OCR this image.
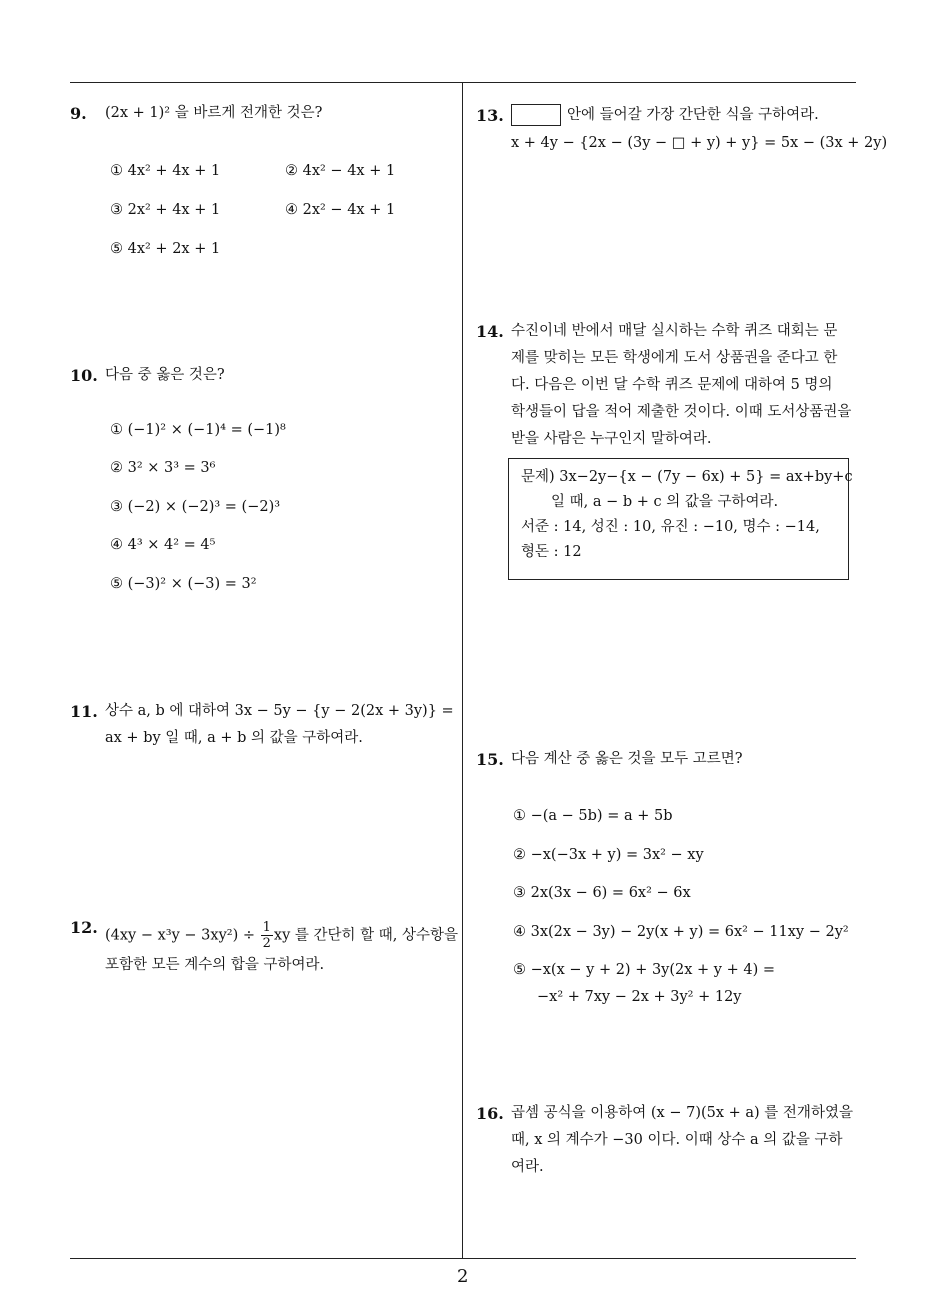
9. (2x + 1)² 을 바르게 전개한 것은?
① 4x² + 4x + 1	② 4x² − 4x + 1
③ 2x² + 4x + 1	④ 2x² − 4x + 1
⑤ 4x² + 2x + 1
10. 다음 중 옳은 것은?
① (−1)² × (−1)⁴ = (−1)⁸
② 3² × 3³ = 3⁶
③ (−2) × (−2)³ = (−2)³
④ 4³ × 4² = 4⁵
⑤ (−3)² × (−3) = 3²
11. 상수 a, b 에 대하여 3x − 5y − {y − 2(2x + 3y)} =
ax + by 일 때, a + b 의 값을 구하여라.
12. $(4xy - x^3y - 3xy^2) \div \frac{1}{2}$ xy 를 간단히 할 때, 상수항을
포함한 모든 계수의 합을 구하여라.
13.	안에 들어갈 가장 간단한 식을 구하여라.
x + 4y − {2x − (3y − □ + y) + y} = 5x − (3x + 2y)
14. 수진이네 반에서 매달 실시하는 수학 퀴즈 대회는 문
제를 맞히는 모든 학생에게 도서 상품권을 준다고 한
다. 다음은 이번 달 수학 퀴즈 문제에 대하여 5 명의
학생들이 답을 적어 제출한 것이다. 이때 도서상품권을
받을 사람은 누구인지 말하여라.
문제) 3x−2y−{x − (7y − 6x) + 5} = ax+by+c
일 때, a − b + c 의 값을 구하여라.
서준 : 14, 성진 : 10, 유진 : −10, 명수 : −14,
형돈 : 12
15. 다음 계산 중 옳은 것을 모두 고르면?
① −(a − 5b) = a + 5b
② −x(−3x + y) = 3x² − xy
③ 2x(3x − 6) = 6x² − 6x
④ 3x(2x − 3y) − 2y(x + y) = 6x² − 11xy − 2y²
⑤ −x(x − y + 2) + 3y(2x + y + 4) =
−x² + 7xy − 2x + 3y² + 12y
16. 곱셈 공식을 이용하여 (x − 7)(5x + a) 를 전개하였을
때, x 의 계수가 −30 이다. 이때 상수 a 의 값을 구하
여라.
2
